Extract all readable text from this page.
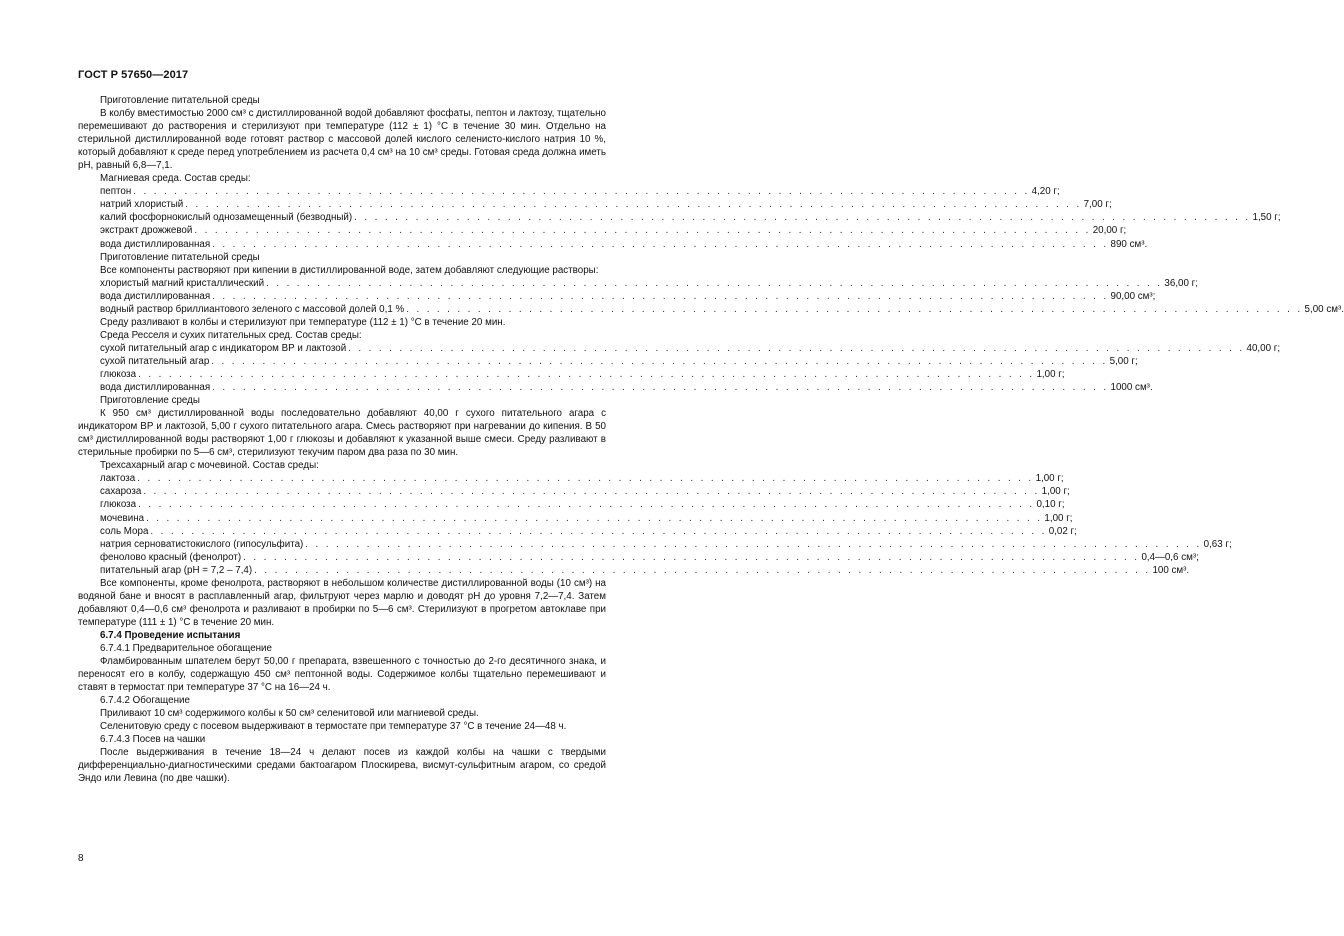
ГОСТ Р 57650—2017
Приготовление питательной среды
В колбу вместимостью 2000 см³ с дистиллированной водой добавляют фосфаты, пептон и лактозу, тщательно перемешивают до растворения и стерилизуют при температуре (112 ± 1) °С в течение 30 мин. Отдельно на стерильной дистиллированной воде готовят раствор с массовой долей кислого селенисто-кислого натрия 10 %, который добавляют к среде перед употреблением из расчета 0,4 см³ на 10 см³ среды. Готовая среда должна иметь pH, равный 6,8—7,1.
Магниевая среда. Состав среды:
пептон . . . . . . . . . . . . . . . . . . . . . . . . . . . . . . . . . . . . . . . . . . . . . . . . . . . . . . . . . . . . . . . . . . . . . . . . . . . . . . . . . . . . . . . . 4,20 г;
натрий хлористый . . . . . . . . . . . . . . . . . . . . . . . . . . . . . . . . . . . . . . . . . . . . . . . . . . . . . . . . . . . . . . . . . . . . . . . . . . . . . . . . . . . . . . . . 7,00 г;
калий фосфорнокислый однозамещенный (безводный) . . . . . . . . . . . . . . . . . . . . . . . . . . . . . . . . . . . . . . . . . . . . . . . . . . . . . . . . . . . . . . . . . . . . . . . . . . . . . . . . . . . . . . . . 1,50 г;
экстракт дрожжевой . . . . . . . . . . . . . . . . . . . . . . . . . . . . . . . . . . . . . . . . . . . . . . . . . . . . . . . . . . . . . . . . . . . . . . . . . . . . . . . . . . . . . . . . 20,00 г;
вода дистиллированная . . . . . . . . . . . . . . . . . . . . . . . . . . . . . . . . . . . . . . . . . . . . . . . . . . . . . . . . . . . . . . . . . . . . . . . . . . . . . . . . . . . . . . . . 890 см³.
Приготовление питательной среды
Все компоненты растворяют при кипении в дистиллированной воде, затем добавляют следующие растворы:
хлористый магний кристаллический . . . . . . . . . . . . . . . . . . . . . . . . . . . . . . . . . . . . . . . . . . . . . . . . . . . . . . . . . . . . . . . . . . . . . . . . . . . . . . . . . . . . . . . . 36,00 г;
вода дистиллированная . . . . . . . . . . . . . . . . . . . . . . . . . . . . . . . . . . . . . . . . . . . . . . . . . . . . . . . . . . . . . . . . . . . . . . . . . . . . . . . . . . . . . . . . 90,00 см³;
водный раствор бриллиантового зеленого с массовой долей 0,1 % . . . . . . . . . . . . . . . . . . . . . . . . . . . . . . . . . . . . . . . . . . . . . . . . . . . . . . . . . . . . . . . . . . . . . . . . . . . . . . . . . . . . . . . . 5,00 см³.
Среду разливают в колбы и стерилизуют при температуре (112 ± 1) °С в течение 20 мин.
Среда Ресселя и сухих питательных сред. Состав среды:
сухой питательный агар с индикатором ВР и лактозой . . . . . . . . . . . . . . . . . . . . . . . . . . . . . . . . . . . . . . . . . . . . . . . . . . . . . . . . . . . . . . . . . . . . . . . . . . . . . . . . . . . . . . . . 40,00 г;
сухой питательный агар . . . . . . . . . . . . . . . . . . . . . . . . . . . . . . . . . . . . . . . . . . . . . . . . . . . . . . . . . . . . . . . . . . . . . . . . . . . . . . . . . . . . . . . . 5,00 г;
глюкоза . . . . . . . . . . . . . . . . . . . . . . . . . . . . . . . . . . . . . . . . . . . . . . . . . . . . . . . . . . . . . . . . . . . . . . . . . . . . . . . . . . . . . . . . 1,00 г;
вода дистиллированная . . . . . . . . . . . . . . . . . . . . . . . . . . . . . . . . . . . . . . . . . . . . . . . . . . . . . . . . . . . . . . . . . . . . . . . . . . . . . . . . . . . . . . . . 1000 см³.
Приготовление среды
К 950 см³ дистиллированной воды последовательно добавляют 40,00 г сухого питательного агара с индикатором ВР и лактозой, 5,00 г сухого питательного агара. Смесь растворяют при нагревании до кипения. В 50 см³ дистиллированной воды растворяют 1,00 г глюкозы и добавляют к указанной выше смеси. Среду разливают в стерильные пробирки по 5—6 см³, стерилизуют текучим паром два раза по 30 мин.
Трехсахарный агар с мочевиной. Состав среды:
лактоза . . . . . . . . . . . . . . . . . . . . . . . . . . . . . . . . . . . . . . . . . . . . . . . . . . . . . . . . . . . . . . . . . . . . . . . . . . . . . . . . . . . . . . . . 1,00 г;
сахароза . . . . . . . . . . . . . . . . . . . . . . . . . . . . . . . . . . . . . . . . . . . . . . . . . . . . . . . . . . . . . . . . . . . . . . . . . . . . . . . . . . . . . . . . 1,00 г;
глюкоза . . . . . . . . . . . . . . . . . . . . . . . . . . . . . . . . . . . . . . . . . . . . . . . . . . . . . . . . . . . . . . . . . . . . . . . . . . . . . . . . . . . . . . . . 0,10 г;
мочевина . . . . . . . . . . . . . . . . . . . . . . . . . . . . . . . . . . . . . . . . . . . . . . . . . . . . . . . . . . . . . . . . . . . . . . . . . . . . . . . . . . . . . . . . 1,00 г;
соль Мора . . . . . . . . . . . . . . . . . . . . . . . . . . . . . . . . . . . . . . . . . . . . . . . . . . . . . . . . . . . . . . . . . . . . . . . . . . . . . . . . . . . . . . . . 0,02 г;
натрия серноватистокислого (гипосульфита) . . . . . . . . . . . . . . . . . . . . . . . . . . . . . . . . . . . . . . . . . . . . . . . . . . . . . . . . . . . . . . . . . . . . . . . . . . . . . . . . . . . . . . . . 0,63 г;
феноловo красный (фенолрот) . . . . . . . . . . . . . . . . . . . . . . . . . . . . . . . . . . . . . . . . . . . . . . . . . . . . . . . . . . . . . . . . . . . . . . . . . . . . . . . . . . . . . . . . 0,4—0,6 см³;
питательный агар (pH = 7,2 – 7,4) . . . . . . . . . . . . . . . . . . . . . . . . . . . . . . . . . . . . . . . . . . . . . . . . . . . . . . . . . . . . . . . . . . . . . . . . . . . . . . . . . . . . . . . . 100 см³.
Все компоненты, кроме фенолрота, растворяют в небольшом количестве дистиллированной воды (10 см³) на водяной бане и вносят в расплавленный агар, фильтруют через марлю и доводят pH до уровня 7,2—7,4. Затем добавляют 0,4—0,6 см³ фенолрота и разливают в пробирки по 5—6 см³. Стерилизуют в прогретом автоклаве при температуре (111 ± 1) °С в течение 20 мин.
6.7.4 Проведение испытания
6.7.4.1 Предварительное обогащение
Фламбированным шпателем берут 50,00 г препарата, взвешенного с точностью до 2-го десятичного знака, и переносят его в колбу, содержащую 450 см³ пептонной воды. Содержимое колбы тщательно перемешивают и ставят в термостат при температуре 37 °С на 16—24 ч.
6.7.4.2 Обогащение
Приливают 10 см³ содержимого колбы к 50 см³ селенитовой или магниевой среды.
Селенитовую среду с посевом выдерживают в термостате при температуре 37 °С в течение 24—48 ч.
6.7.4.3 Посев на чашки
После выдерживания в течение 18—24 ч делают посев из каждой колбы на чашки с твердыми дифференциально-диагностическими средами бактоагаром Плоскирева, висмут-сульфитным агаром, со средой Эндо или Левина (по две чашки).
8
